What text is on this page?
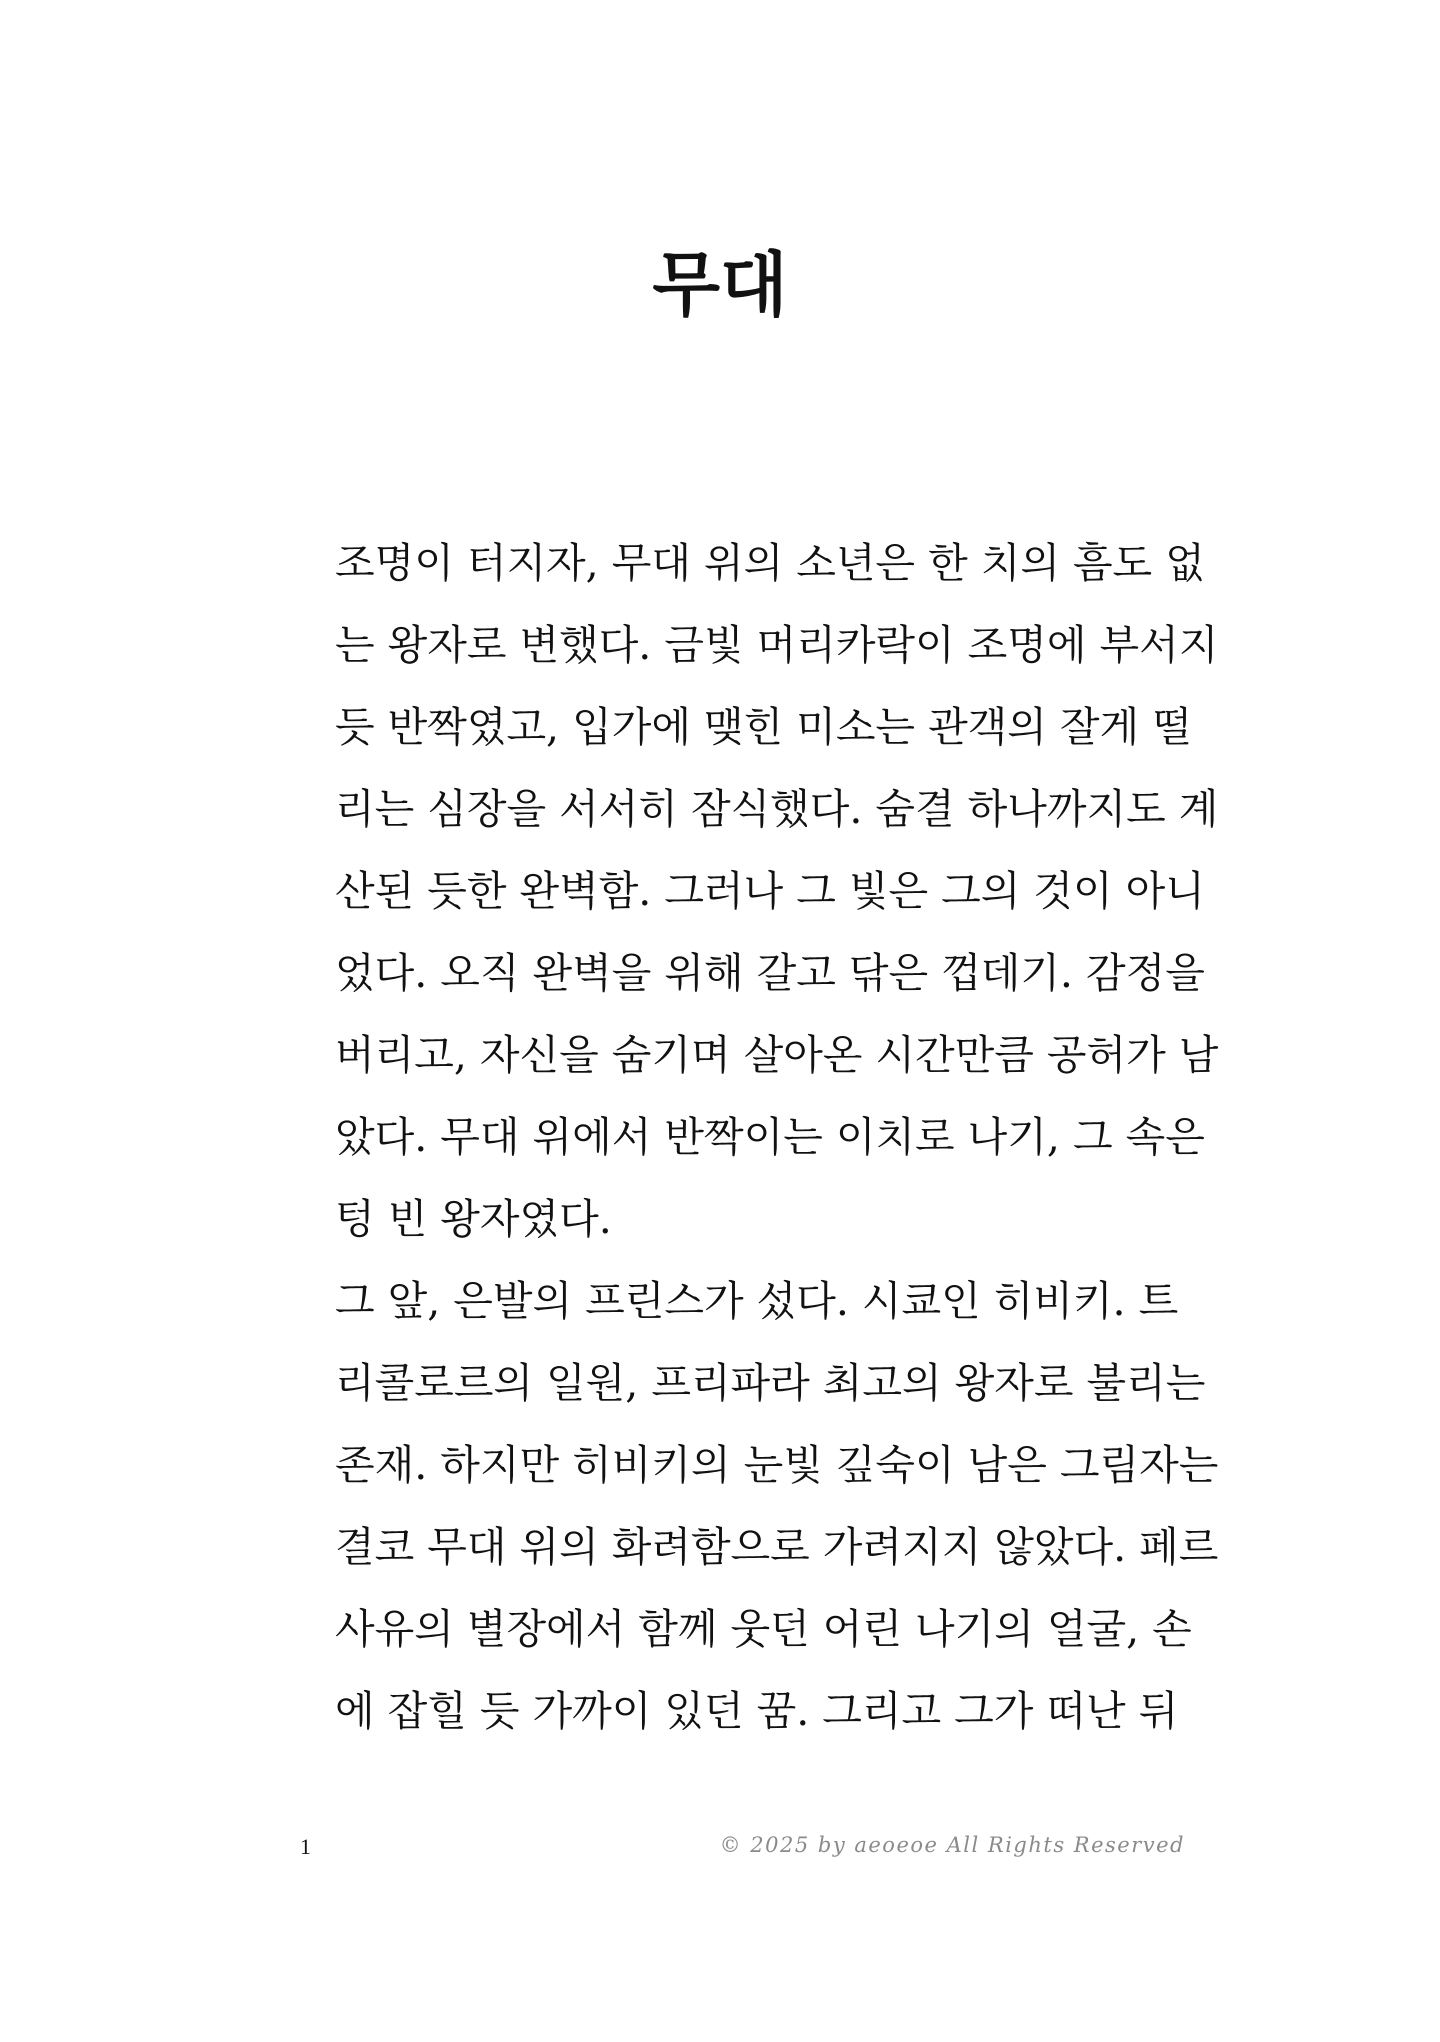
무대
조명이 터지자, 무대 위의 소년은 한 치의 흠도 없
는 왕자로 변했다. 금빛 머리카락이 조명에 부서지
듯 반짝였고, 입가에 맺힌 미소는 관객의 잘게 떨
리는 심장을 서서히 잠식했다. 숨결 하나까지도 계
산된 듯한 완벽함. 그러나 그 빛은 그의 것이 아니
었다. 오직 완벽을 위해 갈고 닦은 껍데기. 감정을
버리고, 자신을 숨기며 살아온 시간만큼 공허가 남
았다. 무대 위에서 반짝이는 이치로 나기, 그 속은
텅 빈 왕자였다.
그 앞, 은발의 프린스가 섰다. 시쿄인 히비키. 트
리콜로르의 일원, 프리파라 최고의 왕자로 불리는
존재. 하지만 히비키의 눈빛 깊숙이 남은 그림자는
결코 무대 위의 화려함으로 가려지지 않았다. 페르
사유의 별장에서 함께 웃던 어린 나기의 얼굴, 손
에 잡힐 듯 가까이 있던 꿈. 그리고 그가 떠난 뒤
1	© 2025 by aeoeoe All Rights Reserved
